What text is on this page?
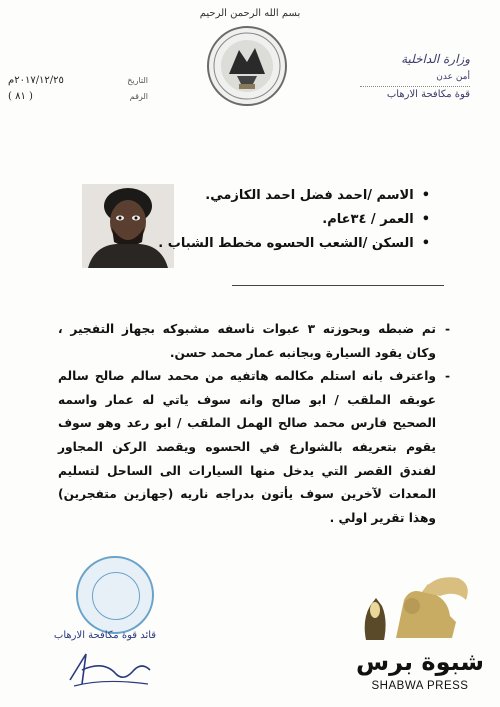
بسم الله الرحمن الرحيم
وزارة الداخلية
أمن عدن
قوة مكافحة الارهاب
٢٠١٧/١٢/٢٥م	التاريخ
( ٨١ )	الرقم
• الاسم /احمد فضل احمد الكازمي.
• العمر / ٣٤عام.
• السكن /الشعب الحسوه مخطط الشباب .
- تم ضبطه وبحوزته ٣ عبوات ناسفه مشبوكه بجهاز التفجير ، وكان يقود السيارة وبجانبه عمار محمد حسن.
- واعترف بانه استلم مكالمه هاتفيه من محمد سالم صالح سالم عوبقه الملقب / ابو صالح وانه سوف ياتي له عمار واسمه الصحيح فارس محمد صالح الهمل الملقب / ابو رعد وهو سوف يقوم بتعريفه بالشوارع في الحسوه ويقصد الركن المجاور لفندق القصر التي يدخل منها السيارات الى الساحل لتسليم المعدات لآخرين سوف يأتون بدراجه ناريه (جهازين متفجرين) وهذا تقرير اولي .
قائد قوة مكافحة الارهاب
شبوة برس
SHABWA PRESS
